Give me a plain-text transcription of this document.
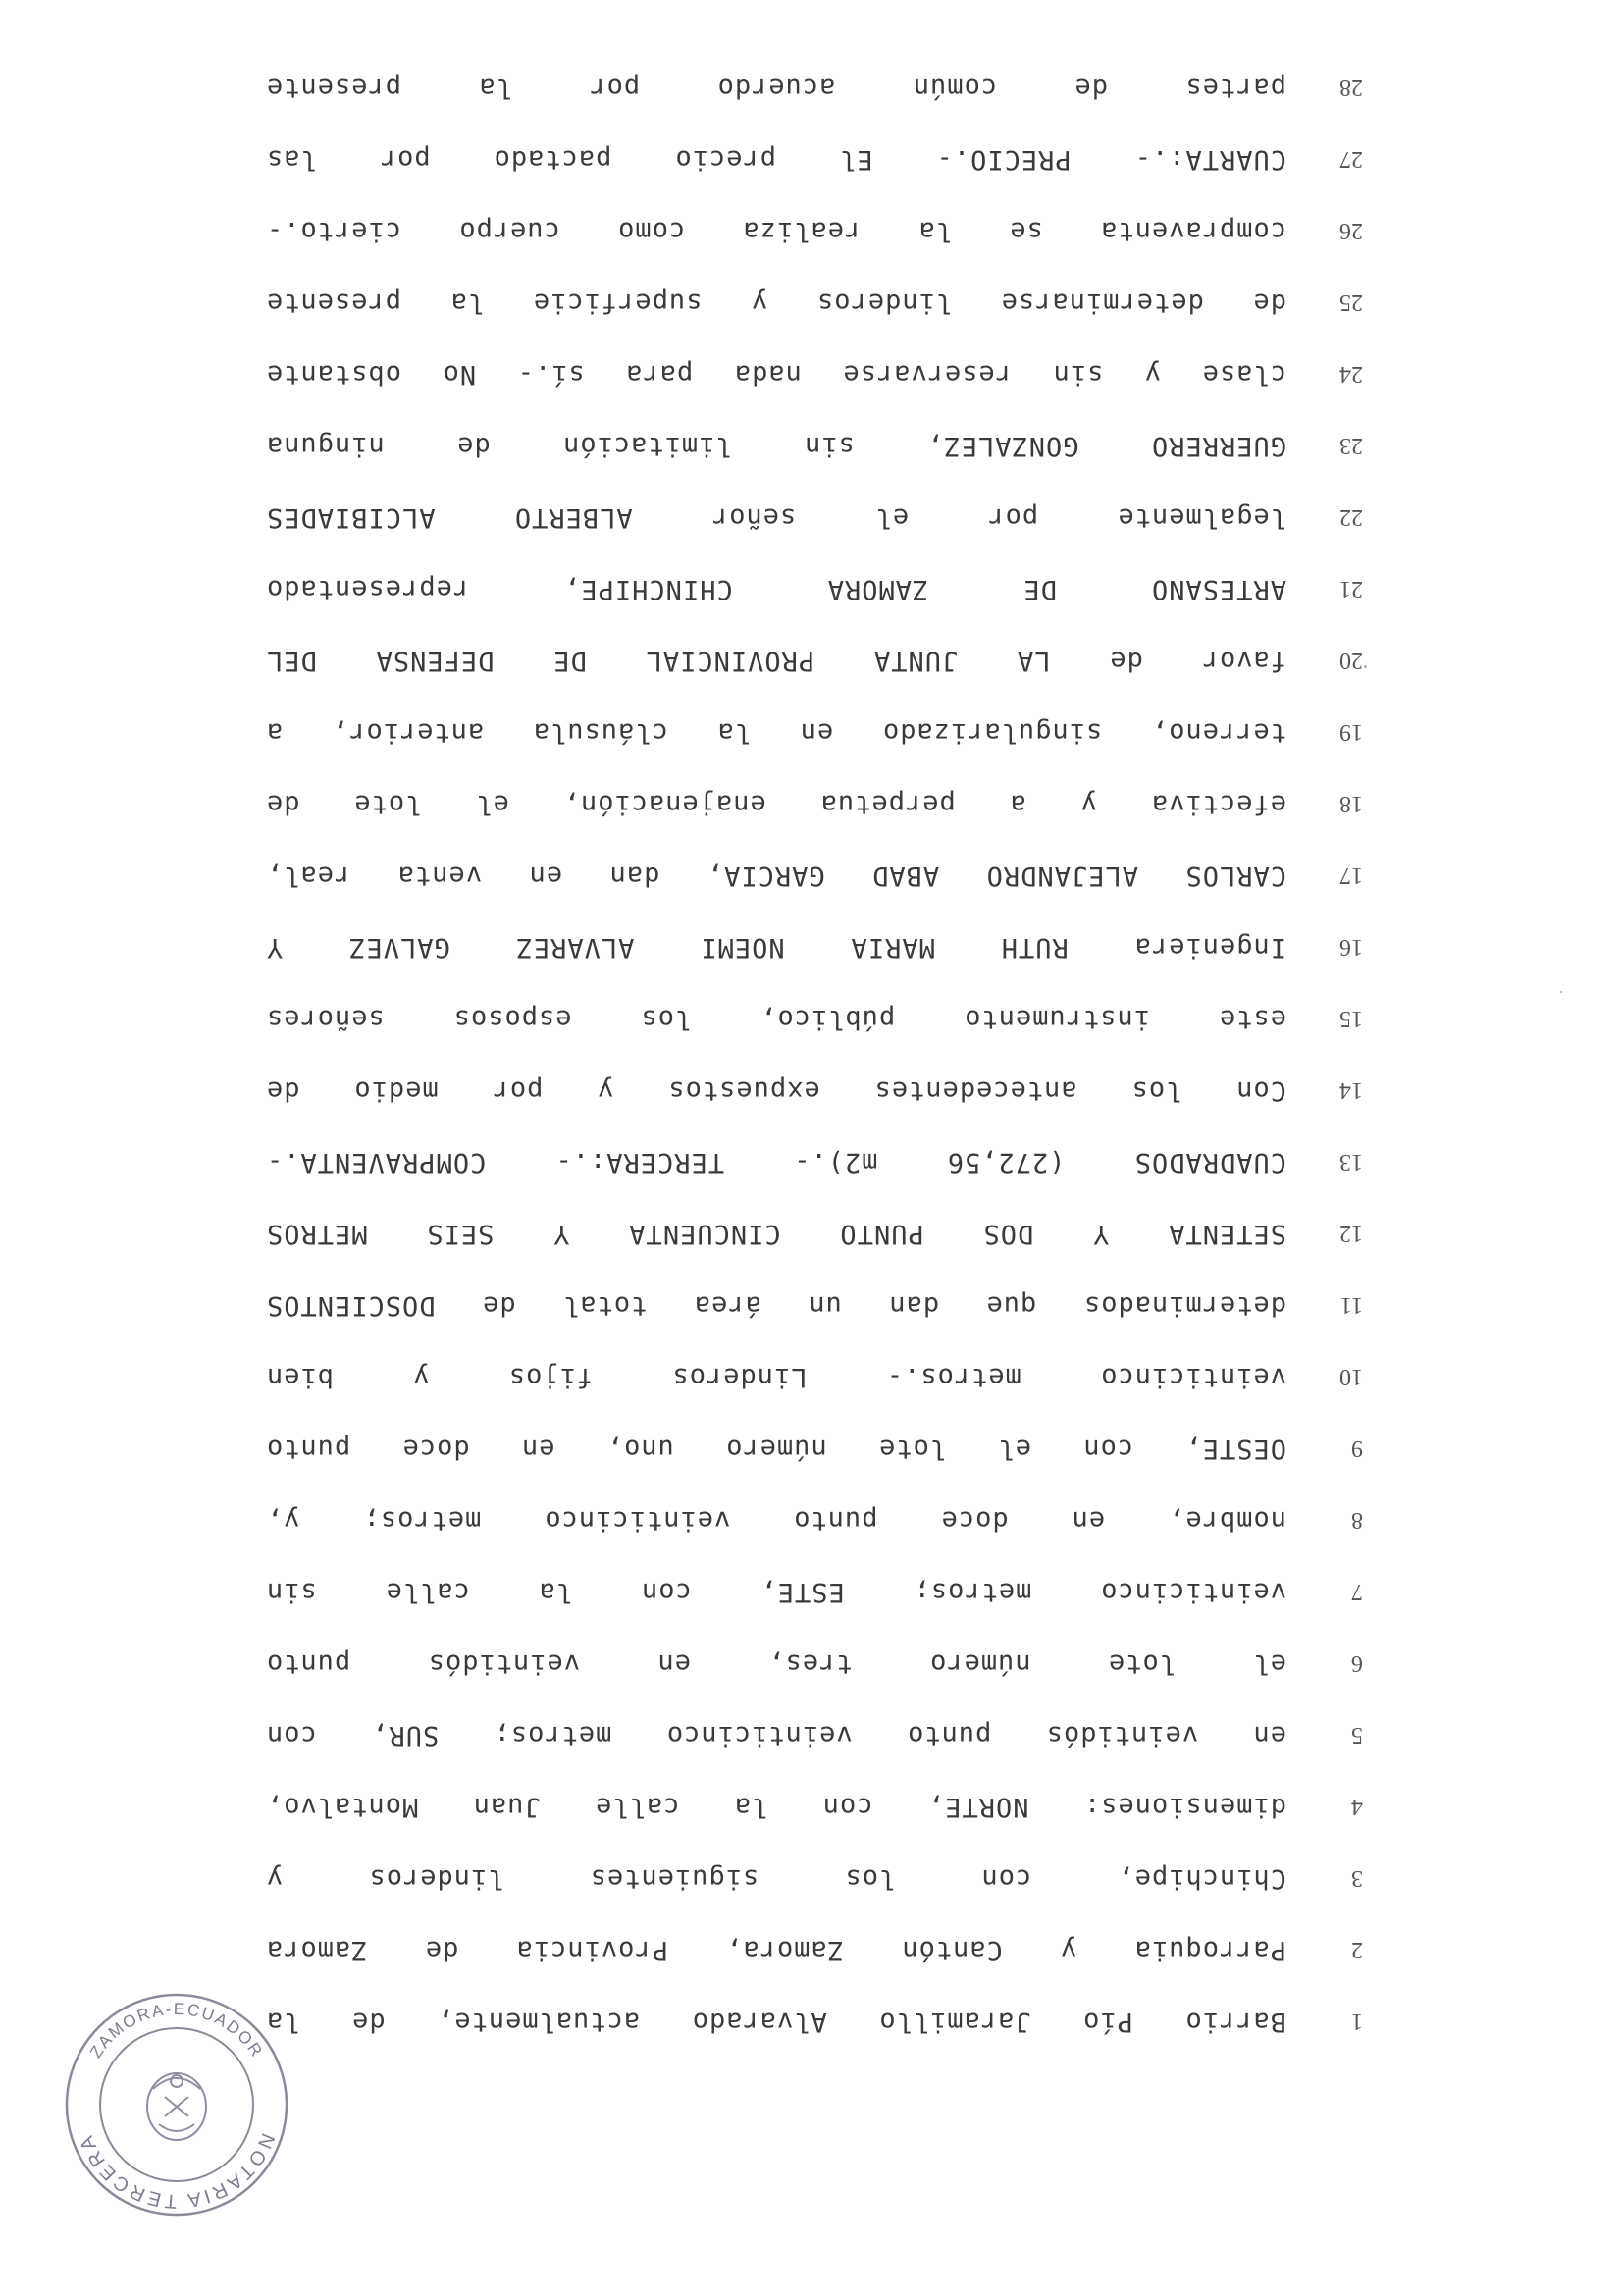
1
Barrio Pío Jaramillo Alvarado actualmente, de la
2
Parroquia y Cantón Zamora, Provincia de Zamora
3
Chinchipe, con los siguientes linderos y
4
dimensiones: NORTE, con la calle Juan Montalvo,
5
en veintidós punto veinticinco metros; SUR, con
6
el lote número tres, en veintidós punto
7
veinticinco metros; ESTE, con la calle sin
8
nombre, en doce punto veinticinco metros; y,
9
OESTE, con el lote número uno, en doce punto
10
veinticinco metros.- Linderos fijos y bien
11
determinados que dan un área total de DOSCIENTOS
12
SETENTA Y DOS PUNTO CINCUENTA Y SEIS METROS
13
CUADRADOS (272,56 m2).- TERCERA:.- COMPRAVENTA.-
14
Con los antecedentes expuestos y por medio de
15
este instrumento público, los esposos señores
16
Ingeniera RUTH MARIA NOEMI ALVAREZ GALVEZ Y
17
CARLOS ALEJANDRO ABAD GARCIA, dan en venta real,
18
efectiva y a perpetua enajenación, el lote de
19
terreno, singularizado en la cláusula anterior, a
20
favor de LA JUNTA PROVINCIAL DE DEFENSA DEL
21
ARTESANO DE ZAMORA CHINCHIPE, representado
22
legalmente por el señor ALBERTO ALCIBIADES
23
GUERRERO GONZALEZ, sin limitación de ninguna
24
clase y sin reservarse nada para sí.- No obstante
25
de determinarse linderos y superficie la presente
26
compraventa se la realiza como cuerpo cierto.-
27
CUARTA:.- PRECIO.- El precio pactado por las
28
partes de común acuerdo por la presente
NOTARIA TERCERA
ZAMORA-ECUADOR
